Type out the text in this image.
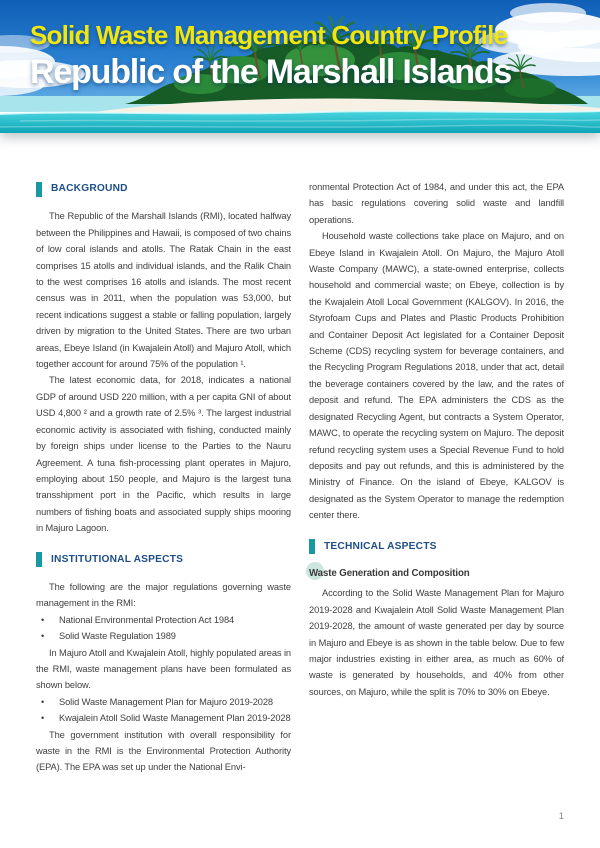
Solid Waste Management Country Profile
Republic of the Marshall Islands
BACKGROUND

The Republic of the Marshall Islands (RMI), located halfway between the Philippines and Hawaii, is composed of two chains of low coral islands and atolls. The Ratak Chain in the east comprises 15 atolls and individual islands, and the Ralik Chain to the west comprises 16 atolls and islands. The most recent census was in 2011, when the population was 53,000, but recent indications suggest a stable or falling population, largely driven by migration to the United States. There are two urban areas, Ebeye Island (in Kwajalein Atoll) and Majuro Atoll, which together account for around 75% of the population ¹.

The latest economic data, for 2018, indicates a national GDP of around USD 220 million, with a per capita GNI of about USD 4,800 ² and a growth rate of 2.5% ³. The largest industrial economic activity is associated with fishing, conducted mainly by foreign ships under license to the Parties to the Nauru Agreement. A tuna fish-processing plant operates in Majuro, employing about 150 people, and Majuro is the largest tuna transshipment port in the Pacific, which results in large numbers of fishing boats and associated supply ships mooring in Majuro Lagoon.

INSTITUTIONAL ASPECTS

The following are the major regulations governing waste management in the RMI:

•	National Environmental Protection Act 1984
•	Solid Waste Regulation 1989

In Majuro Atoll and Kwajalein Atoll, highly populated areas in the RMI, waste management plans have been formulated as shown below.

•	Solid Waste Management Plan for Majuro 2019-2028
•	Kwajalein Atoll Solid Waste Management Plan 2019-2028

The government institution with overall responsibility for waste in the RMI is the Environmental Protection Authority (EPA). The EPA was set up under the National Envi-

ronmental Protection Act of 1984, and under this act, the EPA has basic regulations covering solid waste and landfill operations.

Household waste collections take place on Majuro, and on Ebeye Island in Kwajalein Atoll. On Majuro, the Majuro Atoll Waste Company (MAWC), a state-owned enterprise, collects household and commercial waste; on Ebeye, collection is by the Kwajalein Atoll Local Government (KALGOV). In 2016, the Styrofoam Cups and Plates and Plastic Products Prohibition and Container Deposit Act legislated for a Container Deposit Scheme (CDS) recycling system for beverage containers, and the Recycling Program Regulations 2018, under that act, detail the beverage containers covered by the law, and the rates of deposit and refund. The EPA administers the CDS as the designated Recycling Agent, but contracts a System Operator, MAWC, to operate the recycling system on Majuro. The deposit refund recycling system uses a Special Revenue Fund to hold deposits and pay out refunds, and this is administered by the Ministry of Finance. On the island of Ebeye, KALGOV is designated as the System Operator to manage the redemption center there.

TECHNICAL ASPECTS
Waste Generation and Composition

According to the Solid Waste Management Plan for Majuro 2019-2028 and Kwajalein Atoll Solid Waste Management Plan 2019-2028, the amount of waste generated per day by source in Majuro and Ebeye is as shown in the table below. Due to few major industries existing in either area, as much as 60% of waste is generated by households, and 40% from other sources, on Majuro, while the split is 70% to 30% on Ebeye.

1
